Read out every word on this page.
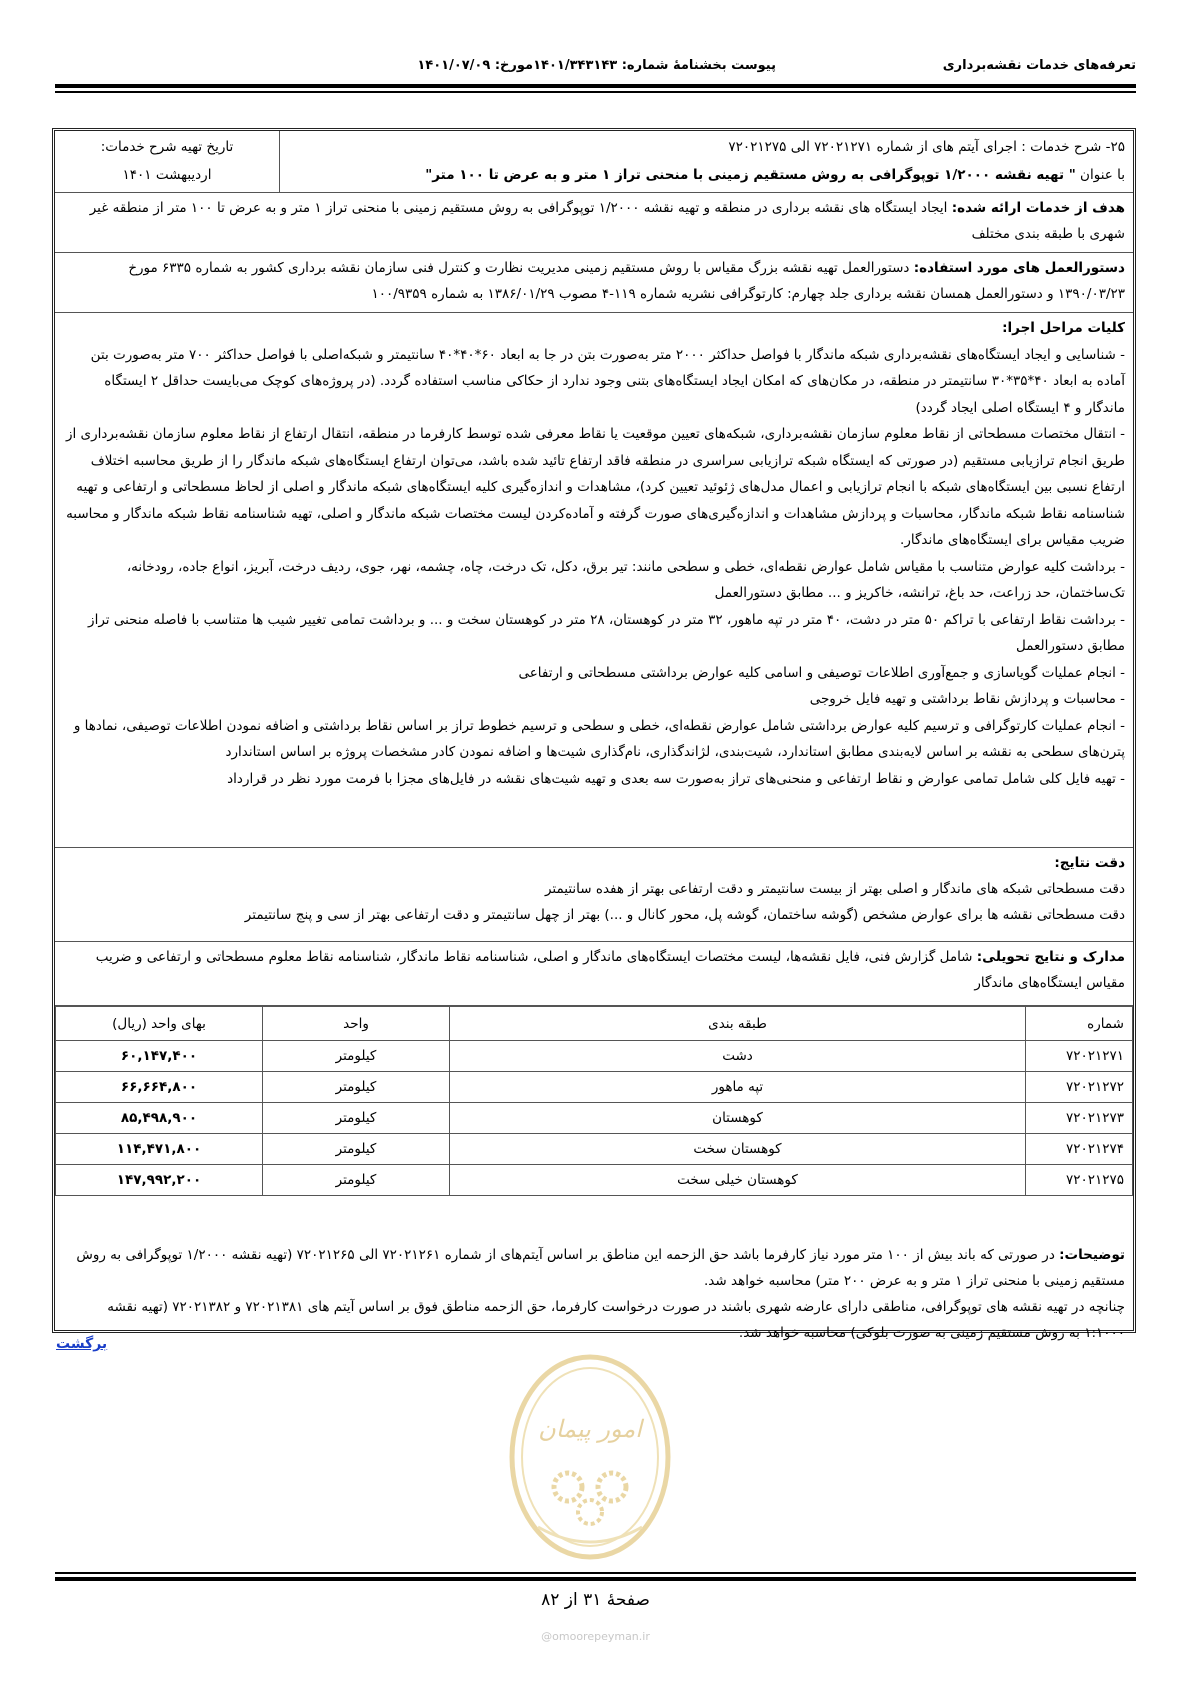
تعرفه‌های خدمات نقشه‌برداری
پیوست بخشنامهٔ شماره: ۱۴۰۱/۳۴۳۱۴۳مورخ: ۱۴۰۱/۰۷/۰۹
۲۵- شرح خدمات : اجرای آیتم های از شماره ۷۲۰۲۱۲۷۱ الی ۷۲۰۲۱۲۷۵
با عنوان " تهیه نقشه ۱/۲۰۰۰ توپوگرافی به روش مستقیم زمینی با منحنی تراز ۱ متر و به عرض تا ۱۰۰ متر"
تاریخ تهیه شرح خدمات:
اردیبهشت ۱۴۰۱

هدف از خدمات ارائه شده: ایجاد ایستگاه های نقشه برداری در منطقه و تهیه نقشه ۱/۲۰۰۰ توپوگرافی به روش مستقیم زمینی با منحنی تراز ۱ متر و به عرض تا ۱۰۰ متر از منطقه غیر شهری با طبقه بندی مختلف

دستورالعمل های مورد استفاده: دستورالعمل تهیه نقشه بزرگ مقیاس با روش مستقیم زمینی مدیریت نظارت و کنترل فنی سازمان نقشه برداری کشور به شماره ۶۳۳۵ مورخ ۱۳۹۰/۰۳/۲۳ و دستورالعمل همسان نقشه برداری جلد چهارم: کارتوگرافی نشریه شماره ۱۱۹-۴ مصوب ۱۳۸۶/۰۱/۲۹ به شماره ۱۰۰/۹۳۵۹

کلیات مراحل اجرا:

- شناسایی و ایجاد ایستگاه‌های نقشه‌برداری شبکه ماندگار با فواصل حداکثر ۲۰۰۰ متر به‌صورت بتن در جا به ابعاد ۶۰*۴۰*۴۰ سانتیمتر و شبکه‌اصلی با فواصل حداکثر ۷۰۰ متر به‌صورت بتن آماده به ابعاد ۴۰*۳۵*۳۰ سانتیمتر در منطقه، در مکان‌های که امکان ایجاد ایستگاه‌های بتنی وجود ندارد از حکاکی مناسب استفاده گردد. (در پروژه‌های کوچک می‌بایست حداقل ۲ ایستگاه ماندگار و ۴ ایستگاه اصلی ایجاد گردد)

- انتقال مختصات مسطحاتی از نقاط معلوم سازمان نقشه‌برداری، شبکه‌های تعیین موقعیت یا نقاط معرفی شده توسط کارفرما در منطقه، انتقال ارتفاع از نقاط معلوم سازمان نقشه‌برداری از طریق انجام ترازیابی مستقیم (در صورتی که ایستگاه شبکه ترازیابی سراسری در منطقه فاقد ارتفاع تائید شده باشد، می‌توان ارتفاع ایستگاه‌های شبکه ماندگار را از طریق محاسبه اختلاف ارتفاع نسبی بین ایستگاه‌های شبکه با انجام ترازیابی و اعمال مدل‌های ژئوئید تعیین کرد)، مشاهدات و اندازه‌گیری کلیه ایستگاه‌های شبکه ماندگار و اصلی از لحاظ مسطحاتی و ارتفاعی و تهیه شناسنامه نقاط شبکه ماندگار، محاسبات و پردازش مشاهدات و اندازه‌گیری‌های صورت گرفته و آماده‌کردن لیست مختصات شبکه ماندگار و اصلی، تهیه شناسنامه نقاط شبکه ماندگار و محاسبه ضریب مقیاس برای ایستگاه‌های ماندگار.

- برداشت کلیه عوارض متناسب با مقیاس شامل عوارض نقطه‌ای، خطی و سطحی مانند: تیر برق، دکل، تک درخت، چاه، چشمه، نهر، جوی، ردیف درخت، آبریز، انواع جاده، رودخانه، تک‌ساختمان، حد زراعت، حد باغ، ترانشه، خاکریز و ... مطابق دستورالعمل

- برداشت نقاط ارتفاعی با تراکم ۵۰ متر در دشت، ۴۰ متر در تپه ماهور، ۳۲ متر در کوهستان، ۲۸ متر در کوهستان سخت و ... و برداشت تمامی تغییر شیب ها متناسب با فاصله منحنی تراز مطابق دستورالعمل

- انجام عملیات گویاسازی و جمع‌آوری اطلاعات توصیفی و اسامی کلیه عوارض برداشتی مسطحاتی و ارتفاعی

- محاسبات و پردازش نقاط برداشتی و تهیه فایل خروجی

- انجام عملیات کارتوگرافی و ترسیم کلیه عوارض برداشتی شامل عوارض نقطه‌ای، خطی و سطحی و ترسیم خطوط تراز بر اساس نقاط برداشتی و اضافه نمودن اطلاعات توصیفی، نمادها و پترن‌های سطحی به نقشه بر اساس لایه‌بندی مطابق استاندارد، شیت‌بندی، لژاندگذاری، نام‌گذاری شیت‌ها و اضافه نمودن کادر مشخصات پروژه بر اساس استاندارد

- تهیه فایل کلی شامل تمامی عوارض و نقاط ارتفاعی و منحنی‌های تراز به‌صورت سه بعدی و تهیه شیت‌های نقشه در فایل‌های مجزا با فرمت مورد نظر در قرارداد

دقت نتایج:

دقت مسطحاتی شبکه های ماندگار و اصلی بهتر از بیست سانتیمتر و دقت ارتفاعی بهتر از هفده سانتیمتر

دقت مسطحاتی نقشه ها برای عوارض مشخص (گوشه ساختمان، گوشه پل، محور کانال و ...) بهتر از چهل سانتیمتر و دقت ارتفاعی بهتر از سی و پنج سانتیمتر

مدارک و نتایج تحویلی: شامل گزارش فنی، فایل نقشه‌ها، لیست مختصات ایستگاه‌های ماندگار و اصلی، شناسنامه نقاط ماندگار، شناسنامه نقاط معلوم مسطحاتی و ارتفاعی و ضریب مقیاس ایستگاه‌های ماندگار

شماره	طبقه بندی	واحد	بهای واحد (ریال)
۷۲۰۲۱۲۷۱	دشت	کیلومتر	۶۰,۱۴۷,۴۰۰
۷۲۰۲۱۲۷۲	تپه ماهور	کیلومتر	۶۶,۶۶۴,۸۰۰
۷۲۰۲۱۲۷۳	کوهستان	کیلومتر	۸۵,۴۹۸,۹۰۰
۷۲۰۲۱۲۷۴	کوهستان سخت	کیلومتر	۱۱۴,۴۷۱,۸۰۰
۷۲۰۲۱۲۷۵	کوهستان خیلی سخت	کیلومتر	۱۴۷,۹۹۲,۲۰۰

توضیحات: در صورتی که باند بیش از ۱۰۰ متر مورد نیاز کارفرما باشد حق الزحمه این مناطق بر اساس آیتم‌های از شماره ۷۲۰۲۱۲۶۱ الی ۷۲۰۲۱۲۶۵ (تهیه نقشه ۱/۲۰۰۰ توپوگرافی به روش مستقیم زمینی با منحنی تراز ۱ متر و به عرض ۲۰۰ متر) محاسبه خواهد شد.

چنانچه در تهیه نقشه های توپوگرافی، مناطقی دارای عارضه شهری باشند در صورت درخواست کارفرما، حق الزحمه مناطق فوق بر اساس آیتم های ۷۲۰۲۱۳۸۱ و ۷۲۰۲۱۳۸۲ (تهیه نقشه ۱:۱۰۰۰ به روش مستقیم زمینی به صورت بلوکی) محاسبه خواهد شد.

برگشت
امور پیمان
صفحهٔ ۳۱ از ۸۲
@omoorepeyman.ir
